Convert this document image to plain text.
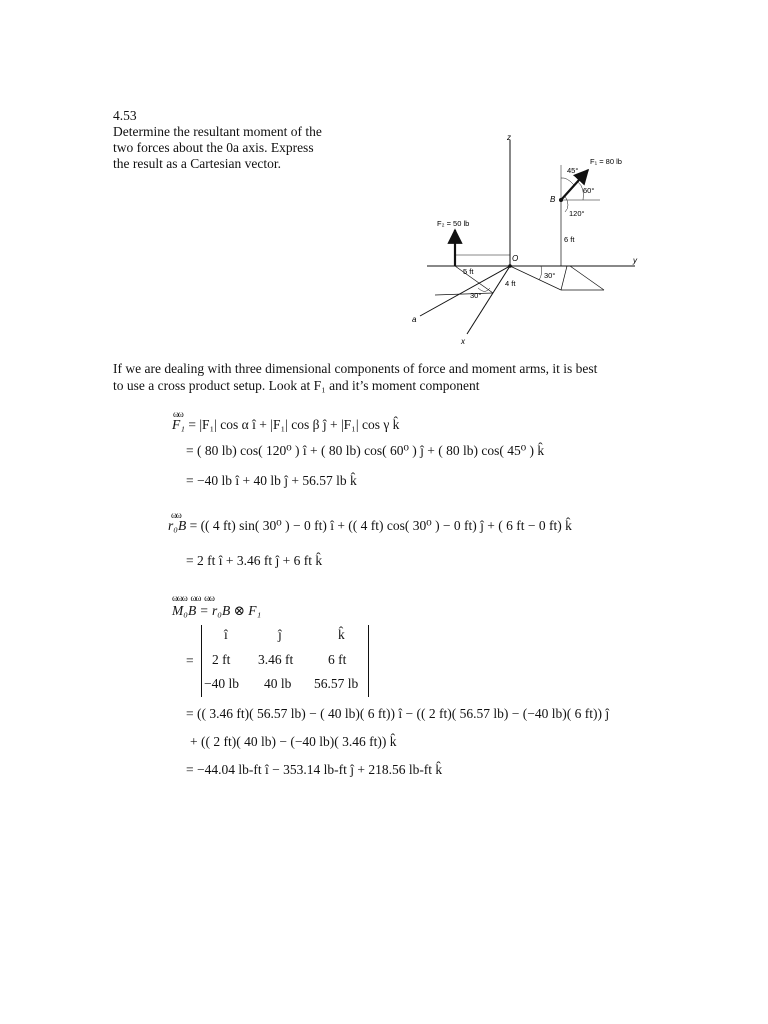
4.53
Determine the resultant moment of the
two forces about the 0a axis. Express
the result as a Cartesian vector.
z
y
x
a
F₂ = 50 lb
B
F₁ = 80 lb
45°
60°
120°
6 ft
O
5 ft
4 ft
30°
30°
If we are dealing with three dimensional components of force and moment arms, it is best
to use a cross product setup. Look at F₁ and it’s moment component
ωω
F₁ = |F₁| cos α î + |F₁| cos β ĵ + |F₁| cos γ k̂
= ( 80 lb) cos( 120⁰ ) î + ( 80 lb) cos( 60⁰ ) ĵ + ( 80 lb) cos( 45⁰ ) k̂
= −40 lb î + 40 lb ĵ + 56.57 lb k̂
ωω
r₀B = (( 4 ft) sin( 30⁰ ) − 0 ft) î + (( 4 ft) cos( 30⁰ ) − 0 ft) ĵ + ( 6 ft − 0 ft) k̂
= 2 ft î + 3.46 ft ĵ + 6 ft k̂
ωωω   ωω   ωω
M₀B = r₀B ⊗ F₁
=
î	ĵ	k̂
2 ft 3.46 ft	6 ft
−40 lb 40 lb 56.57 lb
= (( 3.46 ft)( 56.57 lb) − ( 40 lb)( 6 ft)) î − (( 2 ft)( 56.57 lb) − (−40 lb)( 6 ft)) ĵ
+ (( 2 ft)( 40 lb) − (−40 lb)( 3.46 ft)) k̂
= −44.04 lb-ft î − 353.14 lb-ft ĵ + 218.56 lb-ft k̂
